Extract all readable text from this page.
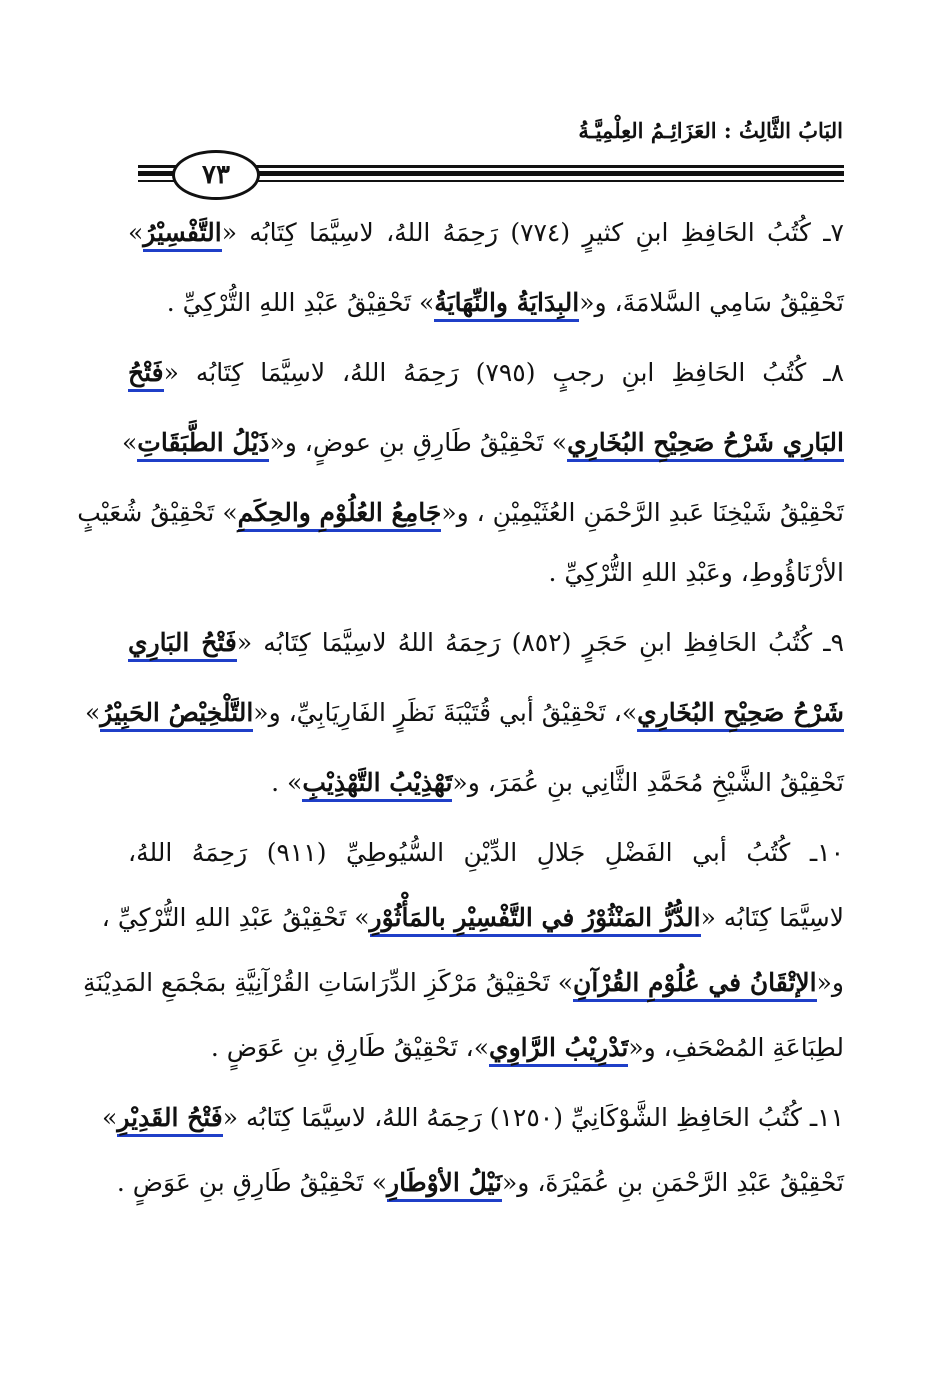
البَابُ الثَّالِثُ : العَزَائِـمُ العِلْمِيَّـةُ
٧٣
٧ـ كُتُبُ الحَافِظِ ابنِ كثيرٍ (٧٧٤) رَحِمَهُ اللهُ، لاسِيَّمَا كِتَابُه «التَّفْسِيْرُ»
تَحْقِيْقُ سَامِي السَّلامَةَ، و«البِدَايَةُ والنِّهَايَةُ» تَحْقِيْقُ عَبْدِ اللهِ التُّرْكِيِّ .
٨ـ كُتُبُ الحَافِظِ ابنِ رجبٍ (٧٩٥) رَحِمَهُ اللهُ، لاسِيَّمَا كِتَابُه «فَتْحُ
البَارِي شَرْحُ صَحِيْحِ البُخَارِي» تَحْقِيْقُ طَارِقِ بنِ عوضٍ، و«ذَيْلُ الطَّبَقَاتِ»
تَحْقِيْقُ شَيْخِنَا عَبدِ الرَّحْمَنِ العُثَيْمِيْنِ ، و«جَامِعُ العُلُوْمِ والحِكَمِ» تَحْقِيْقُ شُعَيْبٍ
الأرْنَاؤُوطِ، وعَبْدِ اللهِ التُّرْكِيِّ .
٩ـ كُتُبُ الحَافِظِ ابنِ حَجَرٍ (٨٥٢) رَحِمَهُ اللهُ لاسِيَّمَا كِتَابُه «فَتْحُ البَارِي
شَرْحُ صَحِيْحِ البُخَارِي»، تَحْقِيْقُ أبي قُتَيْبَةَ نَظَرٍ الفَارِيَابِيِّ، و«التَّلْخِيْصُ الحَبِيْرُ»
تَحْقِيْقُ الشَّيْخِ مُحَمَّدِ الثَّانِي بنِ عُمَرَ، و«تَهْذِيْبُ التَّهْذِيْبِ» .
١٠ـ كُتُبُ أبي الفَضْلِ جَلالِ الدِّيْنِ السُّيُوطِيِّ (٩١١) رَحِمَهُ اللهُ،
لاسِيَّمَا كِتَابُه «الدُّرُّ المَنْثُوْرُ في التَّفْسِيْرِ بالمَأْثُوْرِ» تَحْقِيْقُ عَبْدِ اللهِ التُّرْكِيِّ ،
و«الإتْقَانُ في عُلُوْمِ القُرْآنِ» تَحْقِيْقُ مَرْكَزِ الدِّرَاسَاتِ القُرْآنِيَّةِ بمَجْمَعِ المَدِيْنَةِ
لطِبَاعَةِ المُصْحَفِ، و«تَدْرِيْبُ الرَّاوِي»، تَحْقِيْقُ طَارِقِ بنِ عَوَضٍ .
١١ـ كُتُبُ الحَافِظِ الشَّوْكَانِيِّ (١٢٥٠) رَحِمَهُ اللهُ، لاسِيَّمَا كِتَابُه «فَتْحُ القَدِيْرِ»
تَحْقِيْقُ عَبْدِ الرَّحْمَنِ بنِ عُمَيْرَةَ، و«نَيْلُ الأوْطَارِ» تَحْقِيْقُ طَارِقِ بنِ عَوَضٍ .
